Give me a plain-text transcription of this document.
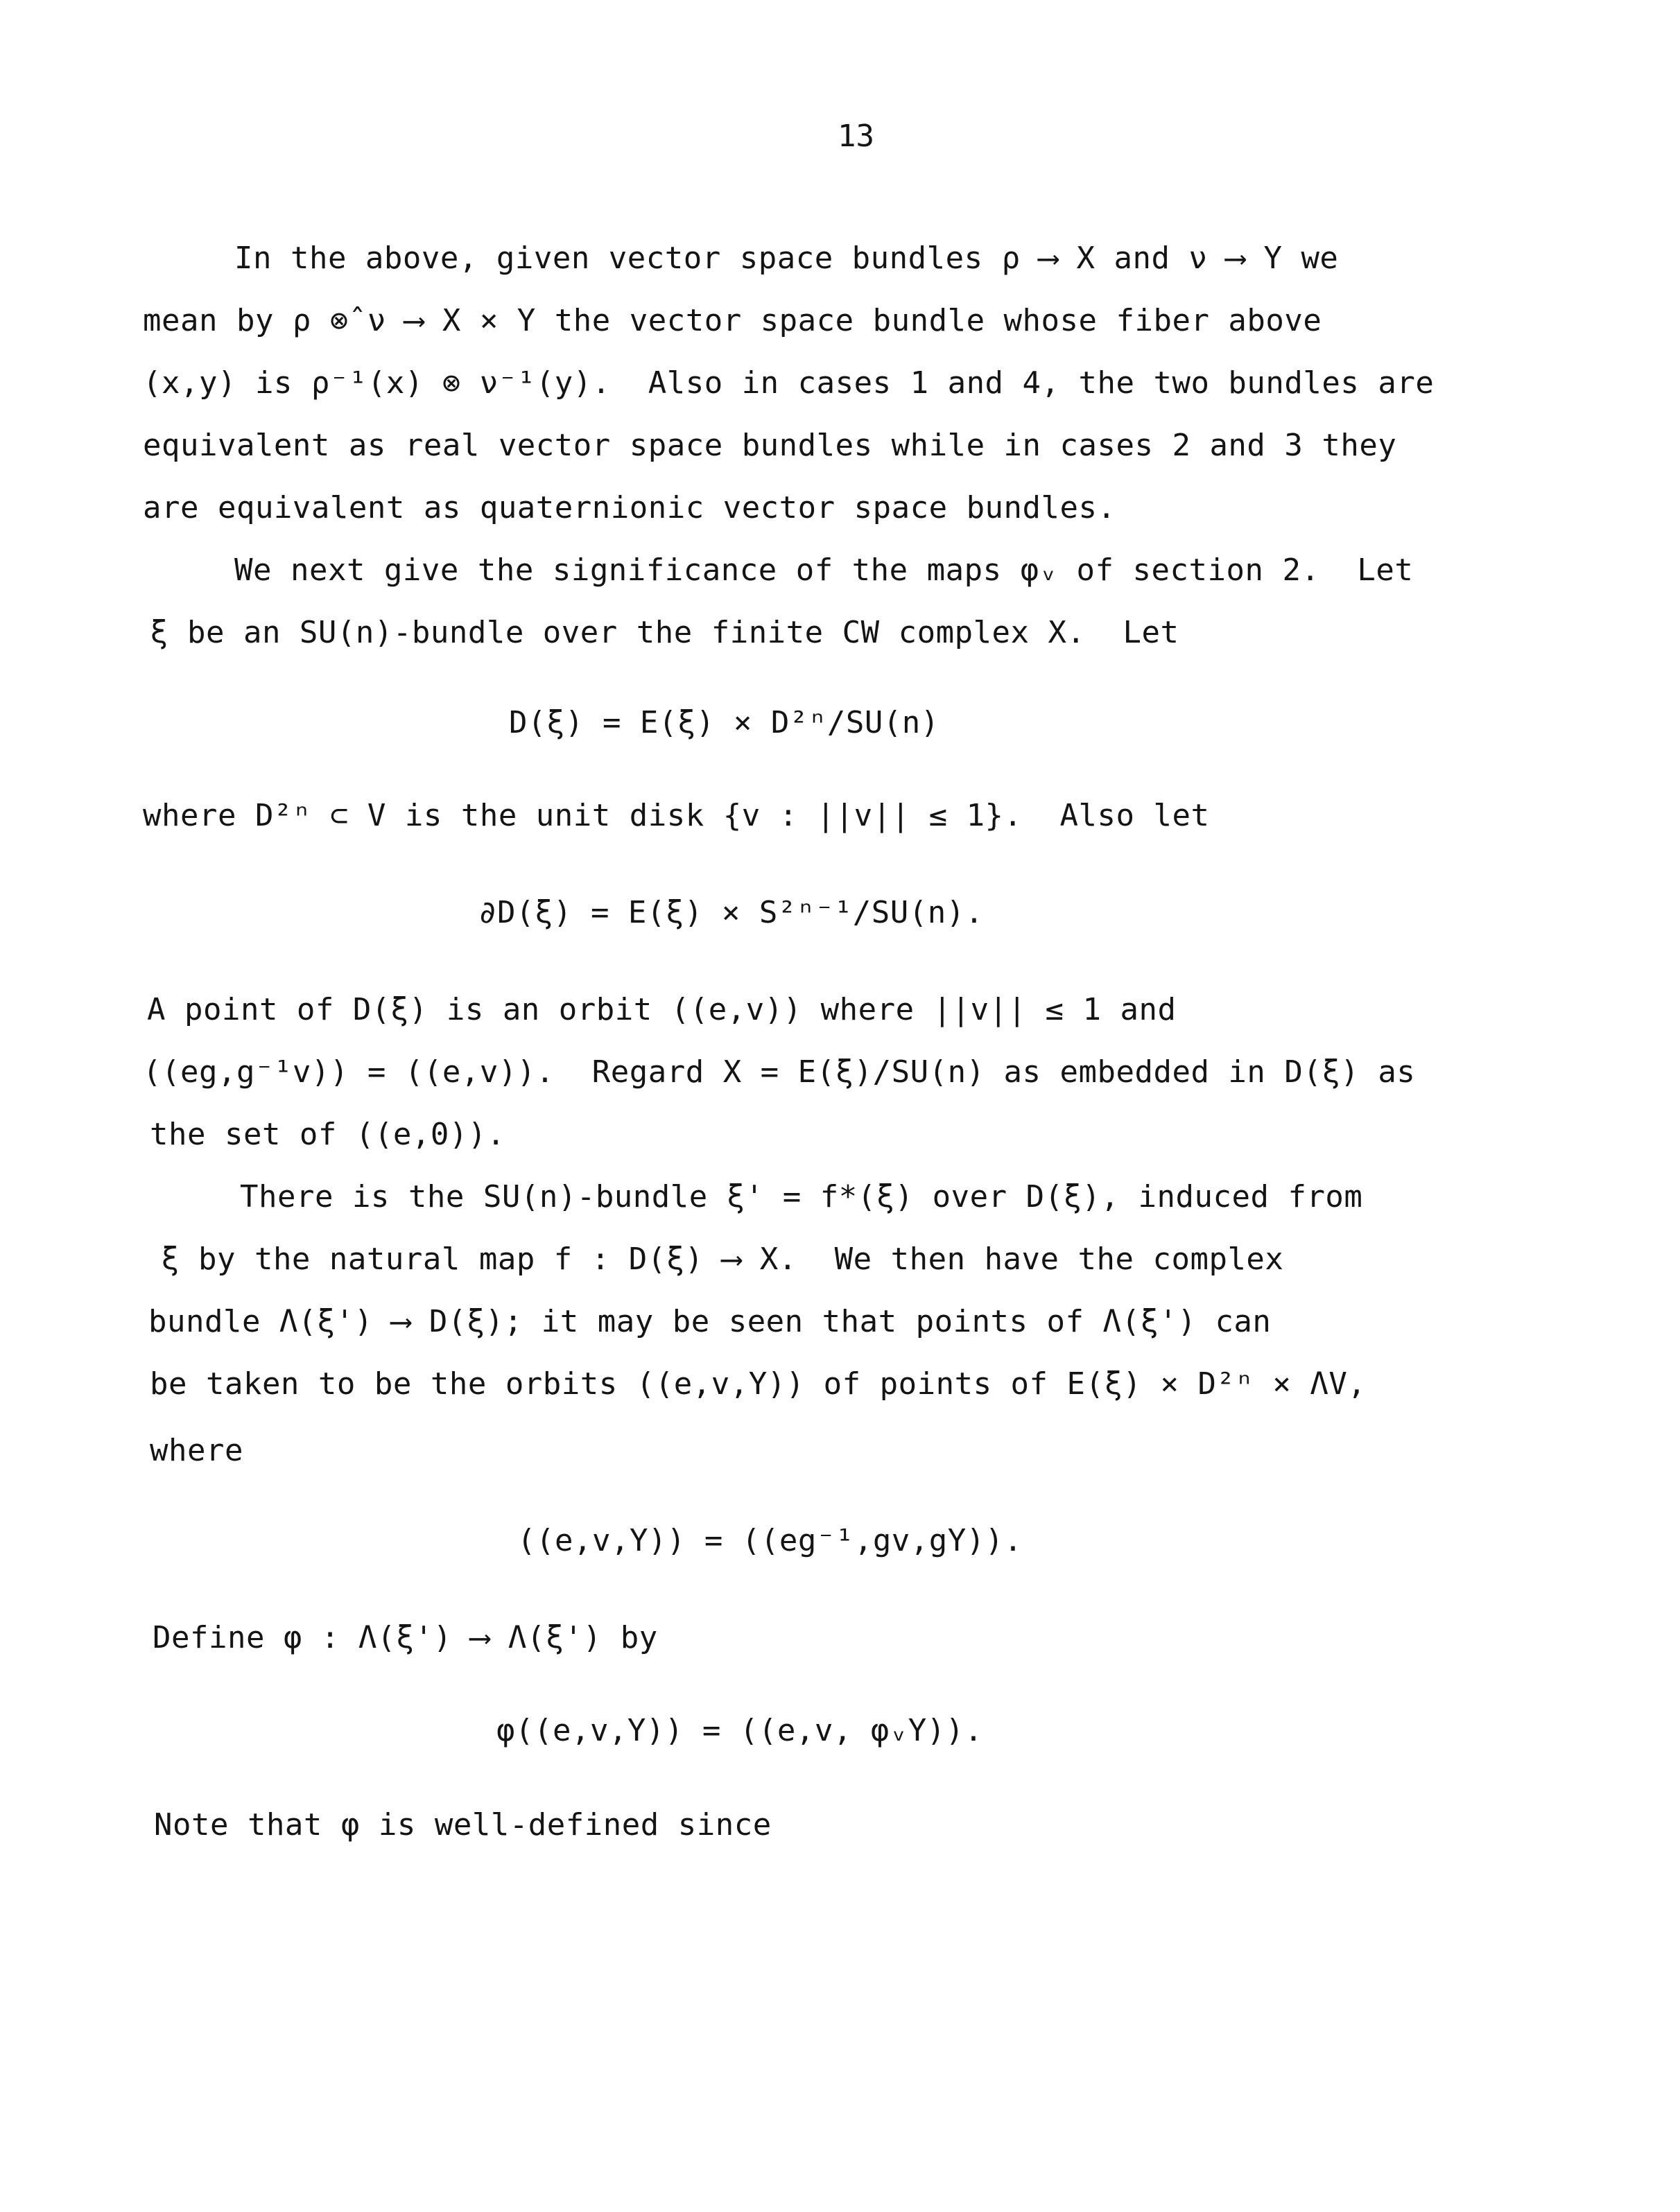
13
In the above, given vector space bundles ρ ⟶ X and ν ⟶ Y we
mean by ρ ⊗̂ ν ⟶ X × Y the vector space bundle whose fiber above
(x,y) is ρ⁻¹(x) ⊗ ν⁻¹(y).  Also in cases 1 and 4, the two bundles are
equivalent as real vector space bundles while in cases 2 and 3 they
are equivalent as quaternionic vector space bundles.
We next give the significance of the maps φᵥ of section 2.  Let
ξ be an SU(n)-bundle over the finite CW complex X.  Let
D(ξ) = E(ξ) × D²ⁿ/SU(n)
where D²ⁿ ⊂ V is the unit disk {v : ||v|| ≤ 1}.  Also let
∂D(ξ) = E(ξ) × S²ⁿ⁻¹/SU(n).
A point of D(ξ) is an orbit ((e,v)) where ||v|| ≤ 1 and
((eg,g⁻¹v)) = ((e,v)).  Regard X = E(ξ)/SU(n) as embedded in D(ξ) as
the set of ((e,0)).
There is the SU(n)-bundle ξ' = f*(ξ) over D(ξ), induced from
ξ by the natural map f : D(ξ) ⟶ X.  We then have the complex
bundle Λ(ξ') ⟶ D(ξ); it may be seen that points of Λ(ξ') can
be taken to be the orbits ((e,v,Y)) of points of E(ξ) × D²ⁿ × ΛV,
where
((e,v,Y)) = ((eg⁻¹,gv,gY)).
Define φ : Λ(ξ') ⟶ Λ(ξ') by
φ((e,v,Y)) = ((e,v, φᵥY)).
Note that φ is well-defined since
